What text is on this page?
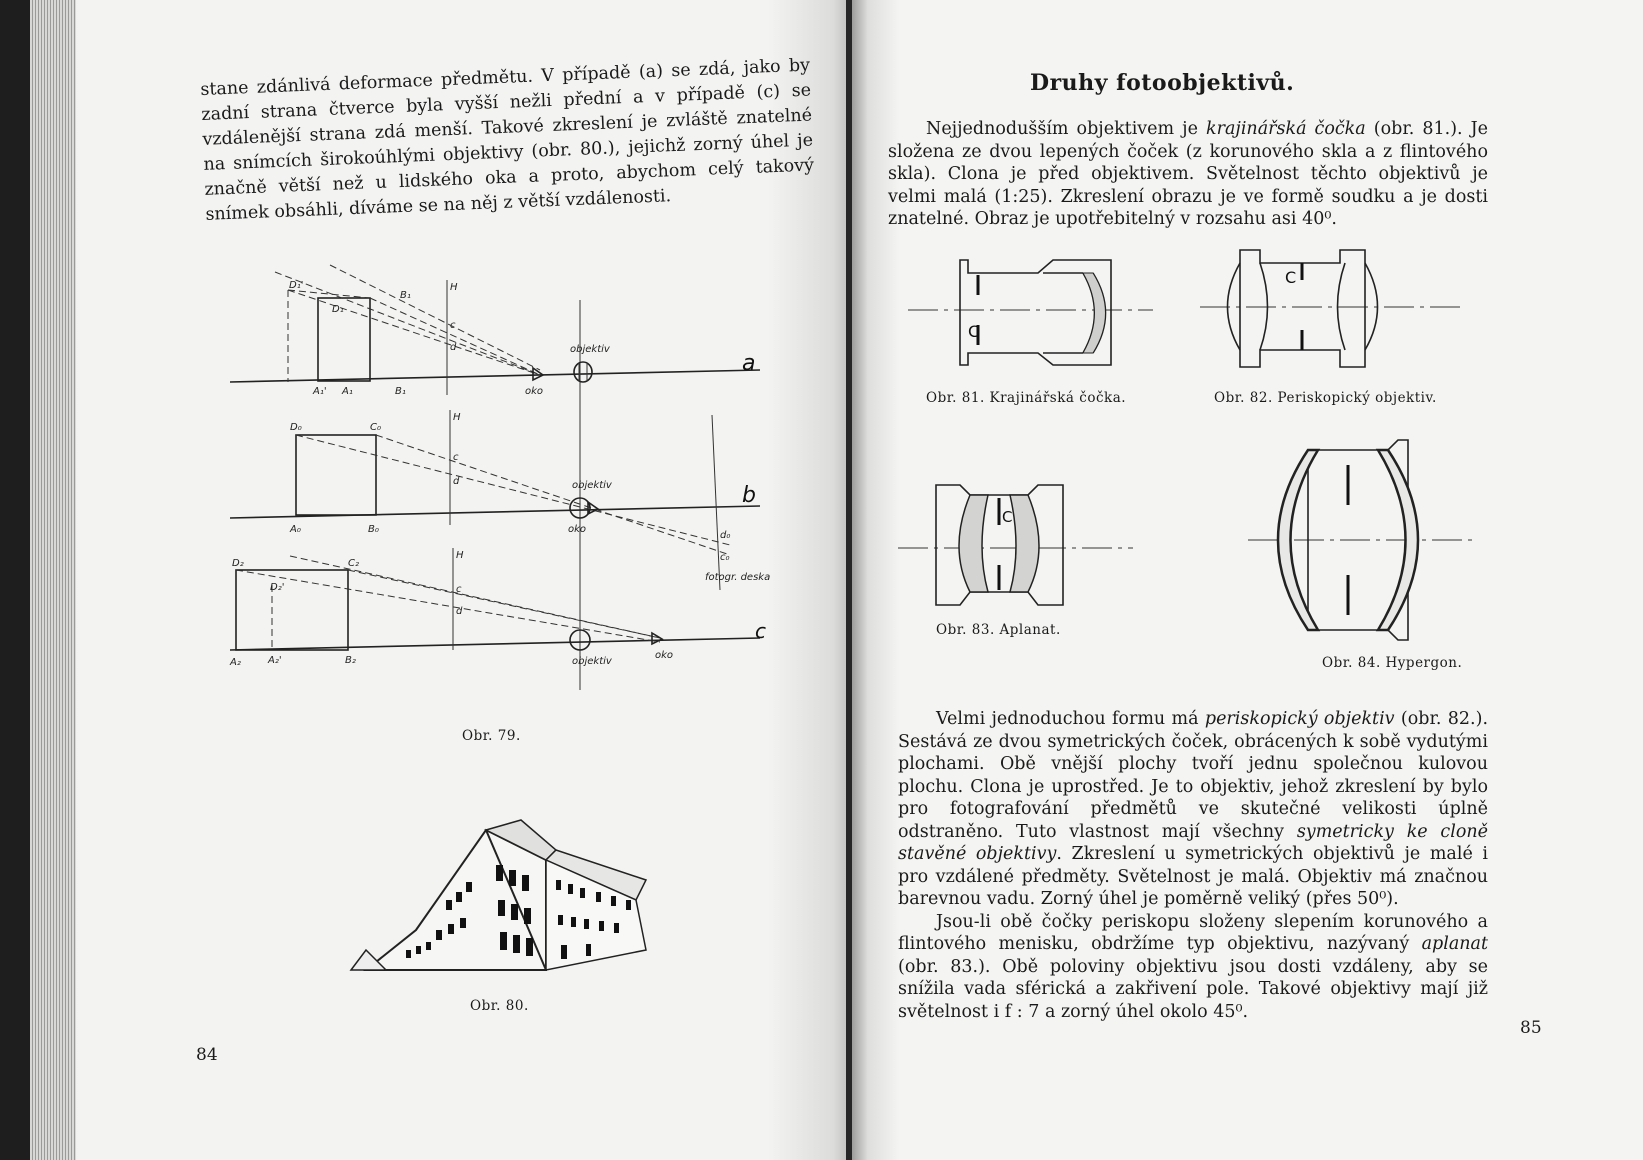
stane zdánlivá deformace předmětu. V případě (a) se zdá, jako by zadní strana čtverce byla vyšší nežli přední a v případě (c) se vzdálenější strana zdá menší. Takové zkreslení je zvláště znatelné na snímcích širokoúhlými objektivy (obr. 80.), jejichž zorný úhel je značně větší než u lidského oka a proto, abychom celý takový snímek obsáhli, díváme se na něj z větší vzdálenosti.

D₁'
B₁
D₁
H
c
d	objektiv
oko
A₁' A₁	B₁
a
D₀	C₀
H
c
d	objektiv
oko
A₀	B₀
d₀
c₀
fotogr. deska
b
D₂	C₂
D₂'
H
c
d
objektiv
oko
A₂	A₂'	B₂
c
Obr. 79.
Obr. 80.
84
Druhy fotoobjektivů.

Nejjednodušším objektivem je krajinářská čočka (obr. 81.). Je složena ze dvou lepených čoček (z korunového skla a z flintového skla). Clona je před objektivem. Světelnost těchto objektivů je velmi malá (1:25). Zkreslení obrazu je ve formě soudku a je dosti znatelné. Obraz je upotřebitelný v rozsahu asi 40⁰.

C
Obr. 81. Krajinářská čočka.
C
Obr. 82. Periskopický objektiv.
C
Obr. 83. Aplanat.
Obr. 84. Hypergon.

Velmi jednoduchou formu má periskopický objektiv (obr. 82.). Sestává ze dvou symetrických čoček, obrácených k sobě vydutými plochami. Obě vnější plochy tvoří jednu společnou kulovou plochu. Clona je uprostřed. Je to objektiv, jehož zkreslení by bylo pro fotografování předmětů ve skutečné velikosti úplně odstraněno. Tuto vlastnost mají všechny symetricky ke cloně stavěné objektivy. Zkreslení u symetrických objektivů je malé i pro vzdálené předměty. Světelnost je malá. Objektiv má značnou barevnou vadu. Zorný úhel je poměrně veliký (přes 50⁰).

Jsou-li obě čočky periskopu složeny slepením korunového a flintového menisku, obdržíme typ objektivu, nazývaný aplanat (obr. 83.). Obě poloviny objektivu jsou dosti vzdáleny, aby se snížila vada sférická a zakřivení pole. Takové objektivy mají již světelnost i f : 7 a zorný úhel okolo 45⁰.

85
